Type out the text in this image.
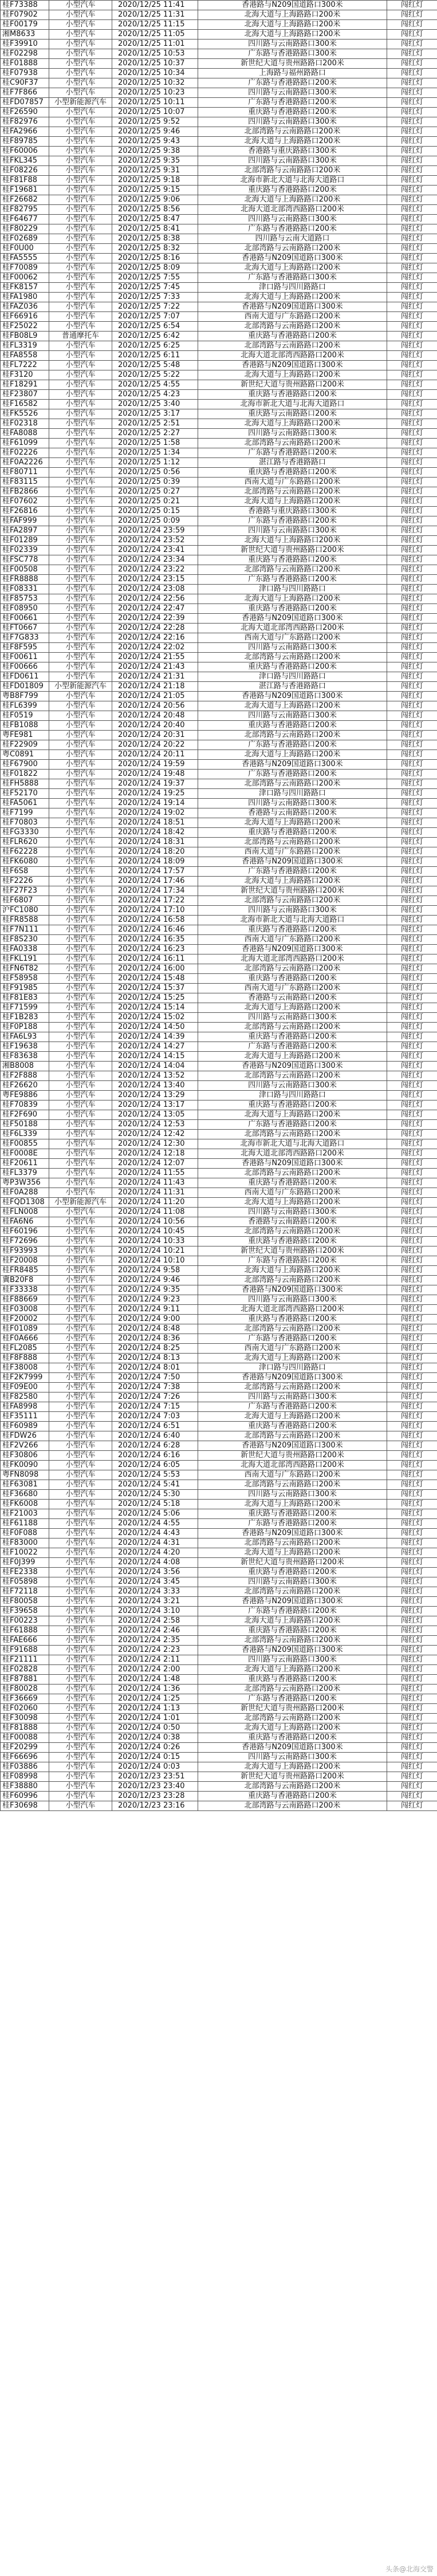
桂F73388	小型汽车	2020/12/25 11:41	香港路与N209国道路口300米	闯红灯
桂F07902	小型汽车	2020/12/25 11:31	北海大道与上海路路口200米	闯红灯
桂F00179	小型汽车	2020/12/25 11:15	北海大道与上海路路口200米	闯红灯
湘M8633	小型汽车	2020/12/25 11:05	北海大道与上海路路口200米	闯红灯
桂F39910	小型汽车	2020/12/25 11:01	四川路与云南路路口300米	闯红灯
桂F02298	小型汽车	2020/12/25 10:53	广东路与香港路路口300米	闯红灯
桂F01888	小型汽车	2020/12/25 10:37	新世纪大道与贵州路路口200米	闯红灯
桂F07938	小型汽车	2020/12/25 10:34	上海路与福州路路口	闯红灯
桂C90F37	小型汽车	2020/12/25 10:32	广东路与香港路路口200米	闯红灯
桂F7F866	小型汽车	2020/12/25 10:23	四川路与云南路路口300米	闯红灯
桂FD07857	小型新能源汽车	2020/12/25 10:11	广东路与香港路路口200米	闯红灯
桂F26590	小型汽车	2020/12/25 10:07	重庆路与香港路路口200米	闯红灯
桂F82976	小型汽车	2020/12/25 9:52	四川路与云南路路口300米	闯红灯
桂FA2966	小型汽车	2020/12/25 9:46	北部湾路与云南路路口200米	闯红灯
桂F89785	小型汽车	2020/12/25 9:43	北海大道与上海路路口200米	闯红灯
桂F60006	小型汽车	2020/12/25 9:38	香港路与重庆路路口300米	闯红灯
桂FKL345	小型汽车	2020/12/25 9:35	四川路与云南路路口300米	闯红灯
桂F08226	小型汽车	2020/12/25 9:31	北部湾路与云南路路口200米	闯红灯
桂F81F88	小型汽车	2020/12/25 9:18	北海市新北大道与北海大道路口	闯红灯
桂F19681	小型汽车	2020/12/25 9:15	重庆路与香港路路口200米	闯红灯
桂F26682	小型汽车	2020/12/25 9:06	北海大道与上海路路口200米	闯红灯
桂F82795	小型汽车	2020/12/25 8:56	北海大道北部湾西路路口200米	闯红灯
桂F64677	小型汽车	2020/12/25 8:47	四川路与云南路路口300米	闯红灯
桂F80229	小型汽车	2020/12/25 8:41	广东路与香港路路口200米	闯红灯
桂F02689	小型汽车	2020/12/25 8:38	四川路与云南大道路口	闯红灯
桂F0U00	小型汽车	2020/12/25 8:32	北部湾路与云南路路口200米	闯红灯
桂FA5555	小型汽车	2020/12/25 8:16	香港路与N209国道路口300米	闯红灯
桂F70089	小型汽车	2020/12/25 8:09	北海大道与上海路路口200米	闯红灯
桂F00062	小型汽车	2020/12/25 7:55	广东路与香港路路口300米	闯红灯
桂FK8157	小型汽车	2020/12/25 7:45	津口路与四川路路口	闯红灯
桂FA1980	小型汽车	2020/12/25 7:33	北海大道与上海路路口200米	闯红灯
桂FAZ036	小型汽车	2020/12/25 7:22	香港路与N209国道路口300米	闯红灯
桂F66916	小型汽车	2020/12/25 7:07	西南大道与广东路路口200米	闯红灯
桂F25022	小型汽车	2020/12/25 6:54	北部湾路与云南路路口200米	闯红灯
桂FB08L9	普通摩托车	2020/12/25 6:42	重庆路与香港路路口200米	闯红灯
桂FL3319	小型汽车	2020/12/25 6:25	北部湾路与云南路路口200米	闯红灯
桂FA8558	小型汽车	2020/12/25 6:11	北海大道北部湾西路路口200米	闯红灯
桂FL7222	小型汽车	2020/12/25 5:48	香港路与N209国道路口300米	闯红灯
桂F3120	小型汽车	2020/12/25 5:22	北海大道与上海路路口200米	闯红灯
桂F18291	小型汽车	2020/12/25 4:55	新世纪大道与贵州路路口200米	闯红灯
桂F23807	小型汽车	2020/12/25 4:23	重庆路与香港路路口200米	闯红灯
桂F16582	小型汽车	2020/12/25 3:40	北海市新北大道与北海大道路口	闯红灯
桂FK5526	小型汽车	2020/12/25 3:17	重庆路与云南路路口200米	闯红灯
桂F02318	小型汽车	2020/12/25 2:51	北海大道与上海路路口200米	闯红灯
桂FA8088	小型汽车	2020/12/25 2:27	四川路与云南路路口300米	闯红灯
桂F61099	小型汽车	2020/12/25 1:58	北部湾路与云南路路口200米	闯红灯
桂F02226	小型汽车	2020/12/25 1:34	广东路与香港路路口200米	闯红灯
桂F0A2226	小型汽车	2020/12/25 1:12	湛江路与香港路路口	闯红灯
桂F80711	小型汽车	2020/12/25 0:56	重庆路与香港路路口200米	闯红灯
桂F83115	小型汽车	2020/12/25 0:39	西南大道与广东路路口200米	闯红灯
桂FB2866	小型汽车	2020/12/25 0:27	北部湾路与云南路路口200米	闯红灯
桂F07602	小型汽车	2020/12/25 0:21	北海大道与上海路路口200米	闯红灯
桂F26816	小型汽车	2020/12/25 0:15	香港路与重庆路路口300米	闯红灯
桂FAF999	小型汽车	2020/12/25 0:09	广东路与香港路路口200米	闯红灯
桂FA2897	小型汽车	2020/12/24 23:59	四川路与云南路路口300米	闯红灯
桂F01289	小型汽车	2020/12/24 23:52	北海大道与上海路路口200米	闯红灯
桂F02339	小型汽车	2020/12/24 23:41	新世纪大道与贵州路路口200米	闯红灯
桂FSC778	小型汽车	2020/12/24 23:34	重庆路与香港路路口200米	闯红灯
桂F00508	小型汽车	2020/12/24 23:22	北部湾路与云南路路口200米	闯红灯
桂FR8888	小型汽车	2020/12/24 23:15	广东路与香港路路口200米	闯红灯
桂F08331	小型汽车	2020/12/24 23:08	津口路与四川路路口	闯红灯
桂F85753	小型汽车	2020/12/24 22:56	北海大道与上海路路口200米	闯红灯
桂F08950	小型汽车	2020/12/24 22:47	重庆路与香港路路口200米	闯红灯
桂F00661	小型汽车	2020/12/24 22:39	香港路与N209国道路口300米	闯红灯
桂FT0667	小型汽车	2020/12/24 22:28	北海大道北部湾西路路口200米	闯红灯
桂F7G833	小型汽车	2020/12/24 22:16	西南大道与广东路路口200米	闯红灯
桂F8F595	小型汽车	2020/12/24 22:02	四川路与云南路路口300米	闯红灯
桂F00611	小型汽车	2020/12/24 21:55	北部湾路与云南路路口200米	闯红灯
桂F00666	小型汽车	2020/12/24 21:43	重庆路与香港路路口200米	闯红灯
桂FD0611	小型汽车	2020/12/24 21:31	津口路与四川路路口	闯红灯
桂FD01809	小型新能源汽车	2020/12/24 21:18	湛江路与香港路路口	闯红灯
粤B8F799	小型汽车	2020/12/24 21:05	香港路与N209国道路口300米	闯红灯
桂FL6399	小型汽车	2020/12/24 20:56	北海大道与上海路路口200米	闯红灯
桂F0519	小型汽车	2020/12/24 20:48	四川路与云南路路口300米	闯红灯
桂FB1088	小型汽车	2020/12/24 20:40	重庆路与香港路路口200米	闯红灯
粤FE981	小型汽车	2020/12/24 20:31	北部湾路与云南路路口200米	闯红灯
桂F22909	小型汽车	2020/12/24 20:22	广东路与香港路路口200米	闯红灯
粤C0891	小型汽车	2020/12/24 20:11	北海大道与上海路路口200米	闯红灯
桂F67900	小型汽车	2020/12/24 19:59	香港路与N209国道路口300米	闯红灯
桂F01822	小型汽车	2020/12/24 19:48	广东路与香港路路口200米	闯红灯
桂FH5888	小型汽车	2020/12/24 19:37	北部湾路与云南路路口200米	闯红灯
桂F52170	小型汽车	2020/12/24 19:25	津口路与四川路路口	闯红灯
桂FA5061	小型汽车	2020/12/24 19:14	四川路与云南路路口300米	闯红灯
桂F7199	小型汽车	2020/12/24 19:02	香港路与云南路路口200米	闯红灯
桂F70803	小型汽车	2020/12/24 18:51	北海大道与上海路路口200米	闯红灯
桂FG3330	小型汽车	2020/12/24 18:42	重庆路与香港路路口200米	闯红灯
桂FLR620	小型汽车	2020/12/24 18:31	北部湾路与云南路路口200米	闯红灯
桂F62228	小型汽车	2020/12/24 18:20	西南大道与广东路路口200米	闯红灯
桂FK6080	小型汽车	2020/12/24 18:09	香港路与N209国道路口300米	闯红灯
桂F6S8	小型汽车	2020/12/24 17:57	广东路与香港路路口200米	闯红灯
桂F2226	小型汽车	2020/12/24 17:46	北海大道与上海路路口200米	闯红灯
桂F27F23	小型汽车	2020/12/24 17:34	新世纪大道与贵州路路口200米	闯红灯
桂F6807	小型汽车	2020/12/24 17:22	北部湾路与云南路路口200米	闯红灯
沪FC1080	小型汽车	2020/12/24 17:10	四川路与云南路路口300米	闯红灯
桂FR8588	小型汽车	2020/12/24 16:58	北海市新北大道与北海大道路口	闯红灯
桂F7N111	小型汽车	2020/12/24 16:46	重庆路与香港路路口200米	闯红灯
桂F8S230	小型汽车	2020/12/24 16:35	西南大道与广东路路口200米	闯红灯
桂FA0338	小型汽车	2020/12/24 16:23	香港路与N209国道路口300米	闯红灯
桂FKL191	小型汽车	2020/12/24 16:11	北海大道北部湾西路路口200米	闯红灯
桂FN6T82	小型汽车	2020/12/24 16:00	北部湾路与云南路路口200米	闯红灯
桂F58958	小型汽车	2020/12/24 15:48	重庆路与香港路路口200米	闯红灯
桂F91985	小型汽车	2020/12/24 15:37	西南大道与广东路路口200米	闯红灯
桂F81E83	小型汽车	2020/12/24 15:25	香港路与云南路路口200米	闯红灯
桂F71599	小型汽车	2020/12/24 15:14	北海大道与上海路路口200米	闯红灯
桂F1B283	小型汽车	2020/12/24 15:02	四川路与云南路路口300米	闯红灯
桂F0P188	小型汽车	2020/12/24 14:50	北部湾路与云南路路口200米	闯红灯
桂FA6L93	小型汽车	2020/12/24 14:39	重庆路与香港路路口200米	闯红灯
桂F19638	小型汽车	2020/12/24 14:27	广东路与香港路路口200米	闯红灯
桂F83638	小型汽车	2020/12/24 14:15	北海大道与上海路路口200米	闯红灯
湘B8008	小型汽车	2020/12/24 14:04	香港路与N209国道路口300米	闯红灯
桂F2F888	小型汽车	2020/12/24 13:52	北部湾路与云南路路口200米	闯红灯
桂F26620	小型汽车	2020/12/24 13:40	四川路与云南路路口300米	闯红灯
粤FE9886	小型汽车	2020/12/24 13:29	津口路与四川路路口	闯红灯
桂F70839	小型汽车	2020/12/24 13:17	重庆路与香港路路口200米	闯红灯
桂F2F690	小型汽车	2020/12/24 13:05	北海大道与上海路路口200米	闯红灯
桂F50188	小型汽车	2020/12/24 12:53	广东路与香港路路口200米	闯红灯
桂F6L339	小型汽车	2020/12/24 12:42	北部湾路与云南路路口200米	闯红灯
桂F00855	小型汽车	2020/12/24 12:30	北海市新北大道与北海大道路口	闯红灯
桂F0008E	小型汽车	2020/12/24 12:18	北海大道北部湾西路路口200米	闯红灯
桂F20611	小型汽车	2020/12/24 12:07	香港路与N209国道路口300米	闯红灯
桂FL3379	小型汽车	2020/12/24 11:55	北部湾路与云南路路口200米	闯红灯
粤P3W356	小型汽车	2020/12/24 11:43	重庆路与香港路路口200米	闯红灯
桂F0A288	小型汽车	2020/12/24 11:31	西南大道与广东路路口200米	闯红灯
桂FQD1308	小型新能源汽车	2020/12/24 11:20	北海大道与上海路路口200米	闯红灯
桂FLN008	小型汽车	2020/12/24 11:08	四川路与云南路路口300米	闯红灯
桂FA6N6	小型汽车	2020/12/24 10:56	香港路与云南路路口200米	闯红灯
桂F60196	小型汽车	2020/12/24 10:45	北部湾路与云南路路口200米	闯红灯
桂F72696	小型汽车	2020/12/24 10:33	重庆路与香港路路口200米	闯红灯
桂F93993	小型汽车	2020/12/24 10:21	新世纪大道与贵州路路口200米	闯红灯
桂F20008	小型汽车	2020/12/24 10:10	广东路与香港路路口200米	闯红灯
桂FR8485	小型汽车	2020/12/24 9:58	北海大道与上海路路口200米	闯红灯
冀B20F8	小型汽车	2020/12/24 9:46	北部湾路与云南路路口200米	闯红灯
桂F33338	小型汽车	2020/12/24 9:35	香港路与N209国道路口300米	闯红灯
桂F88669	小型汽车	2020/12/24 9:23	四川路与云南路路口300米	闯红灯
桂F03008	小型汽车	2020/12/24 9:11	北海大道北部湾西路路口200米	闯红灯
桂F20002	小型汽车	2020/12/24 9:00	重庆路与香港路路口200米	闯红灯
桂F01089	小型汽车	2020/12/24 8:48	北部湾路与云南路路口200米	闯红灯
桂F0A666	小型汽车	2020/12/24 8:36	广东路与香港路路口200米	闯红灯
桂FL2085	小型汽车	2020/12/24 8:25	西南大道与广东路路口200米	闯红灯
桂F8F888	小型汽车	2020/12/24 8:13	北海大道与上海路路口200米	闯红灯
桂F38008	小型汽车	2020/12/24 8:01	津口路与四川路路口	闯红灯
桂F2K7999	小型汽车	2020/12/24 7:50	香港路与N209国道路口300米	闯红灯
桂F09E00	小型汽车	2020/12/24 7:38	北部湾路与云南路路口200米	闯红灯
桂F82580	小型汽车	2020/12/24 7:26	四川路与云南路路口300米	闯红灯
桂FA8998	小型汽车	2020/12/24 7:15	广东路与香港路路口200米	闯红灯
桂F35111	小型汽车	2020/12/24 7:03	北海大道与上海路路口200米	闯红灯
桂F60989	小型汽车	2020/12/24 6:51	重庆路与香港路路口200米	闯红灯
桂FDW26	小型汽车	2020/12/24 6:40	北部湾路与云南路路口200米	闯红灯
桂F2V266	小型汽车	2020/12/24 6:28	香港路与N209国道路口300米	闯红灯
桂F30806	小型汽车	2020/12/24 6:16	新世纪大道与贵州路路口200米	闯红灯
桂FK0090	小型汽车	2020/12/24 6:05	北海大道北部湾西路路口200米	闯红灯
粤FN8098	小型汽车	2020/12/24 5:53	西南大道与广东路路口200米	闯红灯
桂F63081	小型汽车	2020/12/24 5:41	北部湾路与云南路路口200米	闯红灯
桂F36680	小型汽车	2020/12/24 5:30	四川路与云南路路口300米	闯红灯
桂FK6008	小型汽车	2020/12/24 5:18	北海大道与上海路路口200米	闯红灯
桂F21003	小型汽车	2020/12/24 5:06	重庆路与香港路路口200米	闯红灯
桂F61188	小型汽车	2020/12/24 4:55	广东路与香港路路口200米	闯红灯
桂F0F088	小型汽车	2020/12/24 4:43	香港路与N209国道路口300米	闯红灯
桂F83000	小型汽车	2020/12/24 4:31	北部湾路与云南路路口200米	闯红灯
桂F10022	小型汽车	2020/12/24 4:20	北海大道与上海路路口200米	闯红灯
桂F0J399	小型汽车	2020/12/24 4:08	新世纪大道与贵州路路口200米	闯红灯
桂FE2338	小型汽车	2020/12/24 3:56	重庆路与香港路路口200米	闯红灯
桂F05898	小型汽车	2020/12/24 3:45	四川路与云南路路口300米	闯红灯
桂F72118	小型汽车	2020/12/24 3:33	北部湾路与云南路路口200米	闯红灯
桂F80058	小型汽车	2020/12/24 3:21	香港路与N209国道路口300米	闯红灯
桂F39658	小型汽车	2020/12/24 3:10	广东路与香港路路口200米	闯红灯
桂F00223	小型汽车	2020/12/24 2:58	北海大道与上海路路口200米	闯红灯
桂F61888	小型汽车	2020/12/24 2:46	重庆路与香港路路口200米	闯红灯
桂FAE666	小型汽车	2020/12/24 2:35	北部湾路与云南路路口200米	闯红灯
桂F91688	小型汽车	2020/12/24 2:23	香港路与N209国道路口300米	闯红灯
桂F21111	小型汽车	2020/12/24 2:11	四川路与云南路路口300米	闯红灯
桂F02828	小型汽车	2020/12/24 2:00	北海大道与上海路路口200米	闯红灯
桂F87881	小型汽车	2020/12/24 1:48	重庆路与香港路路口200米	闯红灯
桂F80028	小型汽车	2020/12/24 1:36	北部湾路与云南路路口200米	闯红灯
桂F36669	小型汽车	2020/12/24 1:25	广东路与香港路路口200米	闯红灯
桂F02060	小型汽车	2020/12/24 1:13	新世纪大道与贵州路路口200米	闯红灯
桂F30098	小型汽车	2020/12/24 1:01	北部湾路与云南路路口200米	闯红灯
桂F81888	小型汽车	2020/12/24 0:50	北海大道与上海路路口200米	闯红灯
桂F00088	小型汽车	2020/12/24 0:38	重庆路与香港路路口200米	闯红灯
桂F20299	小型汽车	2020/12/24 0:26	香港路与N209国道路口300米	闯红灯
桂F66696	小型汽车	2020/12/24 0:15	四川路与云南路路口300米	闯红灯
桂F03886	小型汽车	2020/12/24 0:03	北海大道与上海路路口200米	闯红灯
桂F08998	小型汽车	2020/12/23 23:51	新世纪大道与贵州路路口200米	闯红灯
桂F38880	小型汽车	2020/12/23 23:40	北部湾路与云南路路口200米	闯红灯
桂F60996	小型汽车	2020/12/23 23:28	重庆路与香港路路口200米	闯红灯
桂F30698	小型汽车	2020/12/23 23:16	北部湾路与云南路路口200米	闯红灯
头条@北海交警
